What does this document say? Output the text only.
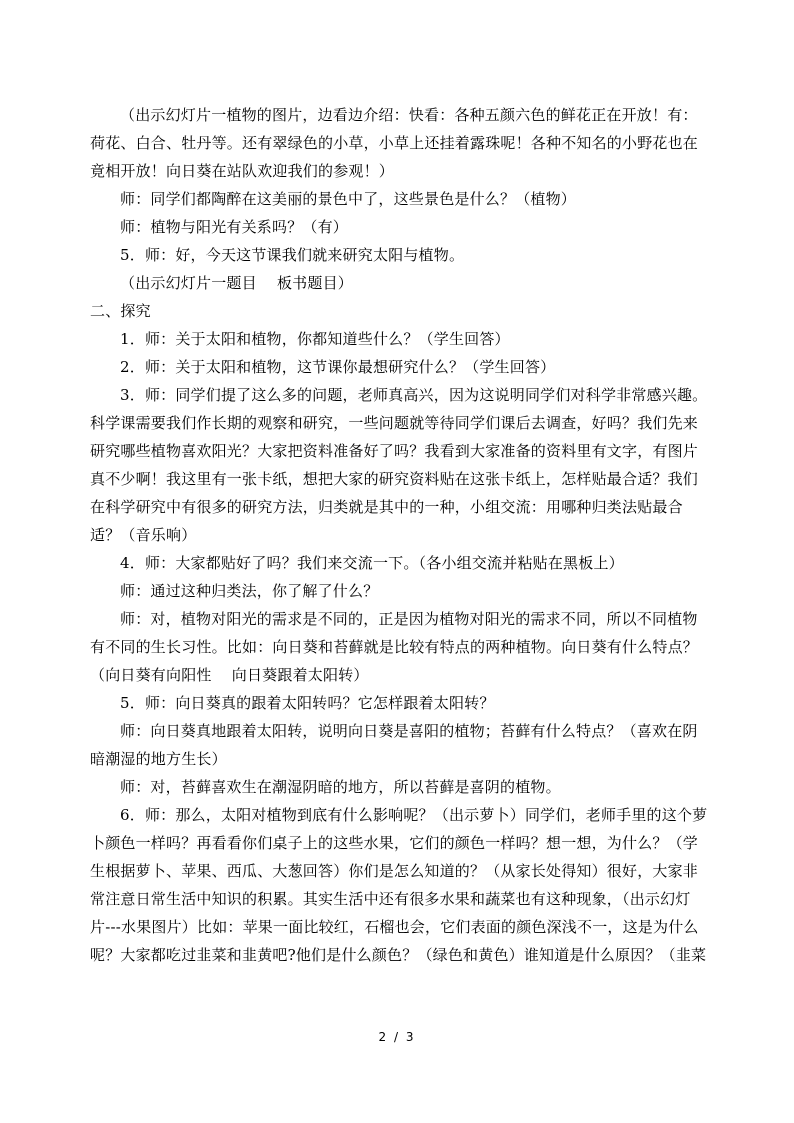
（出示幻灯片一植物的图片，边看边介绍：快看：各种五颜六色的鲜花正在开放！有：
荷花、白合、牡丹等。还有翠绿色的小草，小草上还挂着露珠呢！各种不知名的小野花也在
竟相开放！向日葵在站队欢迎我们的参观！）
师：同学们都陶醉在这美丽的景色中了，这些景色是什么？（植物）
师：植物与阳光有关系吗？（有）
5．师：好，今天这节课我们就来研究太阳与植物。
（出示幻灯片一题目　 板书题目）
二、探究
1．师：关于太阳和植物，你都知道些什么？（学生回答）
2．师：关于太阳和植物，这节课你最想研究什么？（学生回答）
3．师：同学们提了这么多的问题，老师真高兴，因为这说明同学们对科学非常感兴趣。
科学课需要我们作长期的观察和研究，一些问题就等待同学们课后去调查，好吗？我们先来
研究哪些植物喜欢阳光？大家把资料准备好了吗？我看到大家准备的资料里有文字，有图片
真不少啊！我这里有一张卡纸，想把大家的研究资料贴在这张卡纸上，怎样贴最合适？我们
在科学研究中有很多的研究方法，归类就是其中的一种，小组交流：用哪种归类法贴最合
适？（音乐响）
4．师：大家都贴好了吗？我们来交流一下。（各小组交流并粘贴在黑板上）
师：通过这种归类法，你了解了什么？
师：对，植物对阳光的需求是不同的，正是因为植物对阳光的需求不同，所以不同植物
有不同的生长习性。比如：向日葵和苔藓就是比较有特点的两种植物。向日葵有什么特点？
（向日葵有向阳性　 向日葵跟着太阳转）
5．师：向日葵真的跟着太阳转吗？它怎样跟着太阳转？
师：向日葵真地跟着太阳转，说明向日葵是喜阳的植物；苔藓有什么特点？（喜欢在阴
暗潮湿的地方生长）
师：对，苔藓喜欢生在潮湿阴暗的地方，所以苔藓是喜阴的植物。
6．师：那么，太阳对植物到底有什么影响呢？（出示萝卜）同学们，老师手里的这个萝
卜颜色一样吗？再看看你们桌子上的这些水果，它们的颜色一样吗？想一想，为什么？（学
生根据萝卜、苹果、西瓜、大葱回答）你们是怎么知道的？（从家长处得知）很好，大家非
常注意日常生活中知识的积累。其实生活中还有很多水果和蔬菜也有这种现象，（出示幻灯
片---水果图片）比如：苹果一面比较红，石榴也会，它们表面的颜色深浅不一，这是为什么
呢？大家都吃过韭菜和韭黄吧?他们是什么颜色？（绿色和黄色）谁知道是什么原因？（韭菜
2 / 3
